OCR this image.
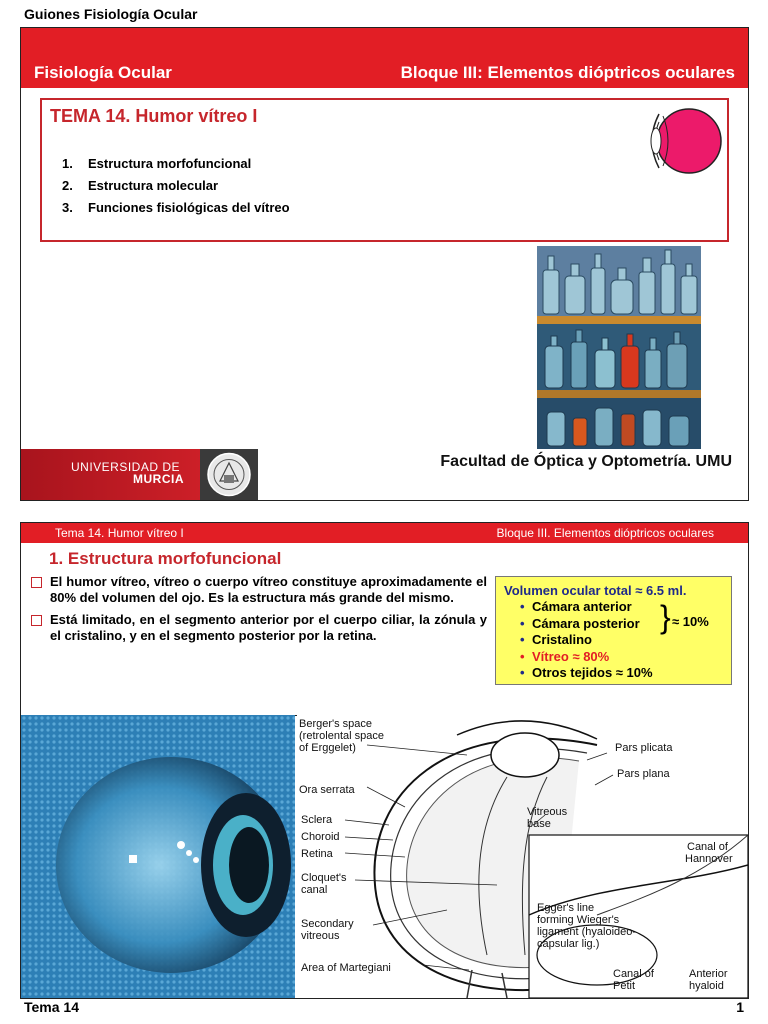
Guiones Fisiología Ocular
Fisiología Ocular	Bloque III: Elementos dióptricos oculares
TEMA 14. Humor vítreo I
1.	Estructura morfofuncional
2.	Estructura molecular
3.	Funciones fisiológicas del vítreo
UNIVERSIDAD DE
MURCIA
Facultad de Óptica y Optometría. UMU
Tema 14. Humor vítreo I	Bloque III. Elementos dióptricos oculares
1. Estructura morfofuncional
El humor vítreo, vítreo o cuerpo vítreo constituye aproximadamente el 80% del volumen del ojo. Es la estructura más grande del mismo.
Está limitado, en el segmento anterior por el cuerpo ciliar, la zónula y el cristalino, y en el segmento posterior por la retina.
Volumen ocular total ≈ 6.5 ml.
• Cámara anterior
• Cámara posterior
• Cristalino
• Vítreo ≈ 80%
• Otros tejidos ≈ 10%
} ≈ 10%
Berger's space
(retrolental space
of Erggelet)
Ora serrata
Sclera
Choroid
Retina
Cloquet's
canal
Secondary
vitreous
Area of Martegiani
Pars plicata
Pars plana
Vitreous
base
Canal of
Hannover
Egger's line
forming Wieger's
ligament (hyaloideo-
capsular lig.)
Canal of
Petit
Anterior
hyaloid
Tema 14	1
